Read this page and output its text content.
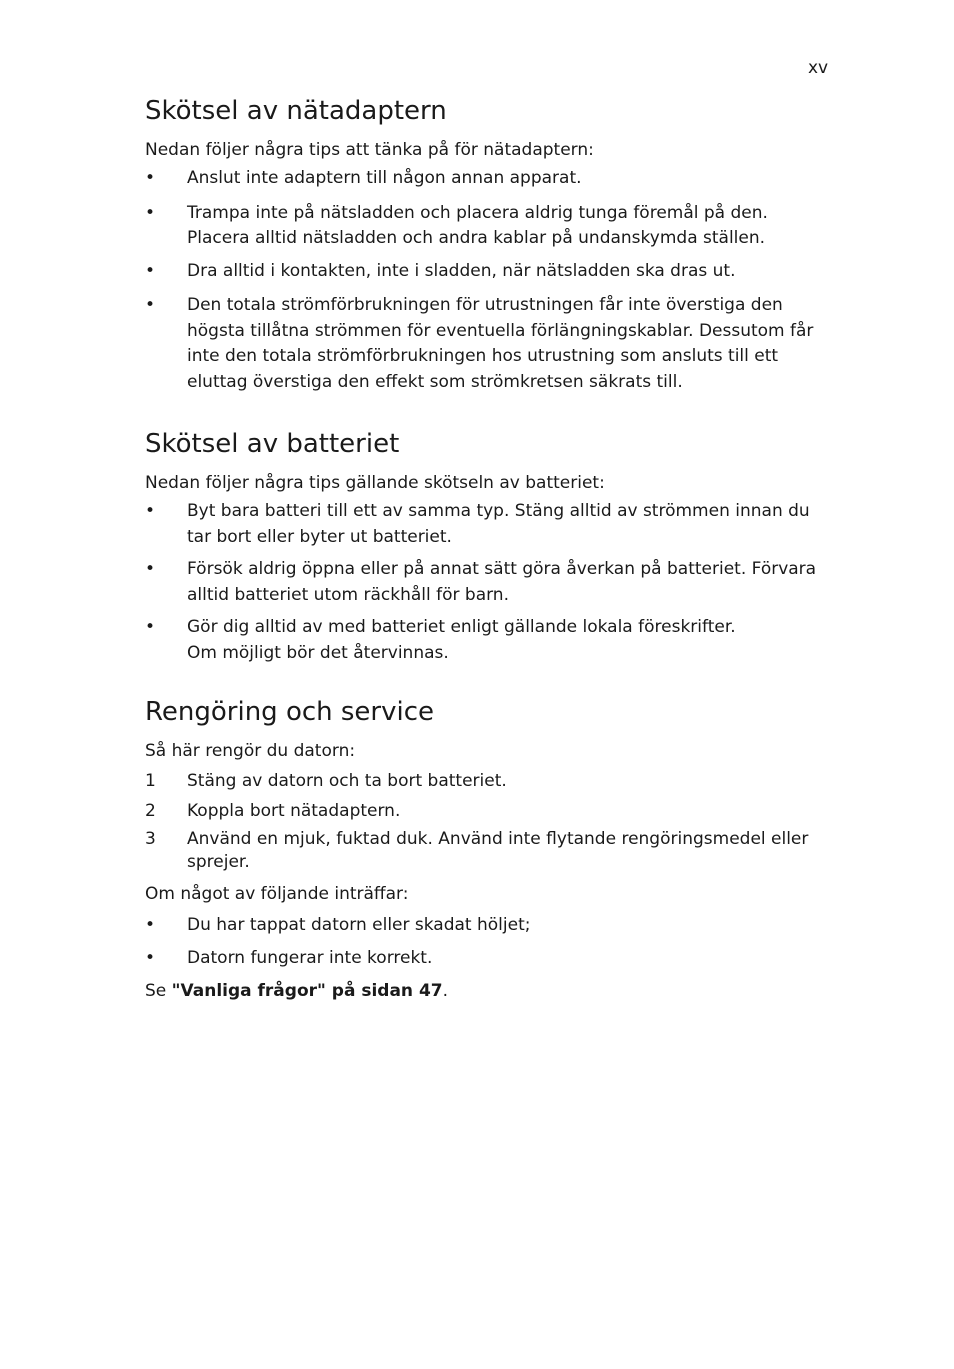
xv
Skötsel av nätadaptern

Nedan följer några tips att tänka på för nätadaptern:

• Anslut inte adaptern till någon annan apparat.
• Trampa inte på nätsladden och placera aldrig tunga föremål på den.
Placera alltid nätsladden och andra kablar på undanskymda ställen.
• Dra alltid i kontakten, inte i sladden, när nätsladden ska dras ut.
• Den totala strömförbrukningen för utrustningen får inte överstiga den
högsta tillåtna strömmen för eventuella förlängningskablar. Dessutom får
inte den totala strömförbrukningen hos utrustning som ansluts till ett
eluttag överstiga den effekt som strömkretsen säkrats till.
Skötsel av batteriet

Nedan följer några tips gällande skötseln av batteriet:

• Byt bara batteri till ett av samma typ. Stäng alltid av strömmen innan du
tar bort eller byter ut batteriet.
• Försök aldrig öppna eller på annat sätt göra åverkan på batteriet. Förvara
alltid batteriet utom räckhåll för barn.
• Gör dig alltid av med batteriet enligt gällande lokala föreskrifter.
Om möjligt bör det återvinnas.
Rengöring och service

Så här rengör du datorn:

1 Stäng av datorn och ta bort batteriet.
2 Koppla bort nätadaptern.
3 Använd en mjuk, fuktad duk. Använd inte flytande rengöringsmedel eller
sprejer.

Om något av följande inträffar:

• Du har tappat datorn eller skadat höljet;
• Datorn fungerar inte korrekt.

Se "Vanliga frågor" på sidan 47.
